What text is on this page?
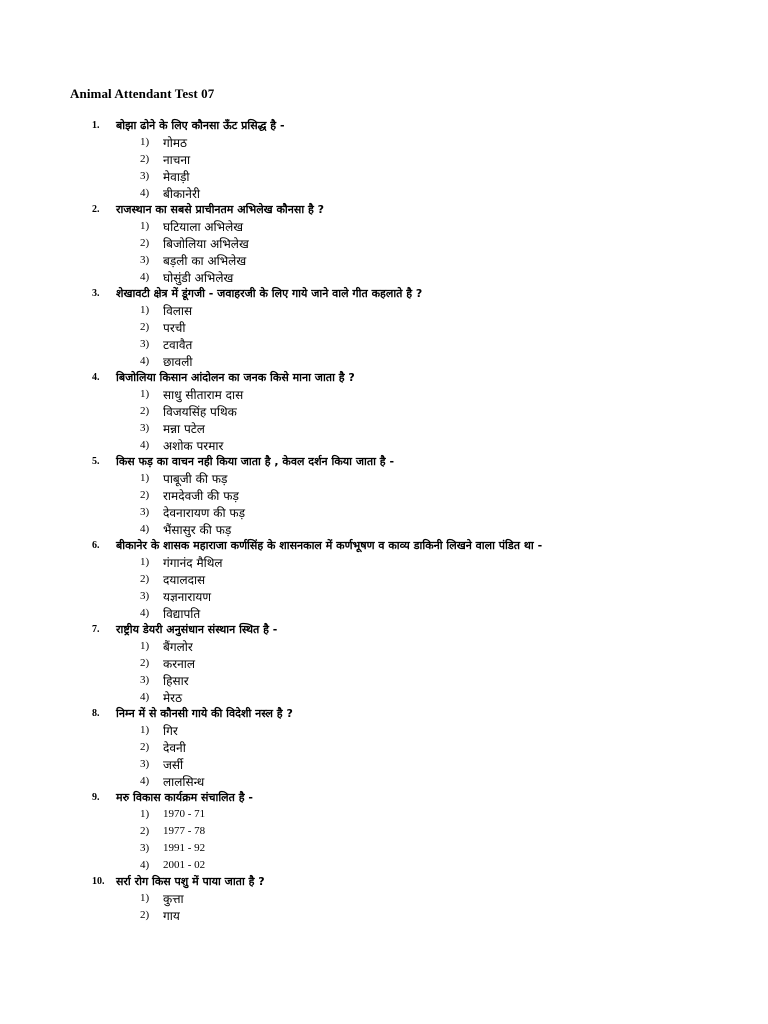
Animal Attendant Test 07
1. बोझा ढोने के लिए कौनसा ऊँट प्रसिद्ध है -
1) गोमठ
2) नाचना
3) मेवाड़ी
4) बीकानेरी
2. राजस्थान का सबसे प्राचीनतम अभिलेख कौनसा है ?
1) घटियाला अभिलेख
2) बिजोलिया अभिलेख
3) बड़ली का अभिलेख
4) घोसुंडी अभिलेख
3. शेखावटी क्षेत्र में डूंगजी - जवाहरजी के लिए गाये जाने वाले गीत कहलाते है ?
1) विलास
2) परची
3) टवावैत
4) छावली
4. बिजोलिया किसान आंदोलन का जनक किसे माना जाता है ?
1) साधु सीताराम दास
2) विजयसिंह पथिक
3) मन्ना पटेल
4) अशोक परमार
5. किस फड़ का वाचन नही किया जाता है , केवल दर्शन किया जाता है -
1) पाबूजी की फड़
2) रामदेवजी की फड़
3) देवनारायण की फड़
4) भैंसासुर की फड़
6. बीकानेर के शासक महाराजा कर्णसिंह के शासनकाल में कर्णभूषण व काव्य डाकिनी लिखने वाला पंडित था -
1) गंगानंद मैथिल
2) दयालदास
3) यज्ञनारायण
4) विद्यापति
7. राष्ट्रीय डेयरी अनुसंधान संस्थान स्थित है -
1) बैंगलोर
2) करनाल
3) हिसार
4) मेरठ
8. निम्न में से कौनसी गाये की विदेशी नस्ल है ?
1) गिर
2) देवनी
3) जर्सी
4) लालसिन्ध
9. मरु विकास कार्यक्रम संचालित है -
1) 1970 - 71
2) 1977 - 78
3) 1991 - 92
4) 2001 - 02
10. सर्रा रोग किस पशु में पाया जाता है ?
1) कुत्ता
2) गाय
